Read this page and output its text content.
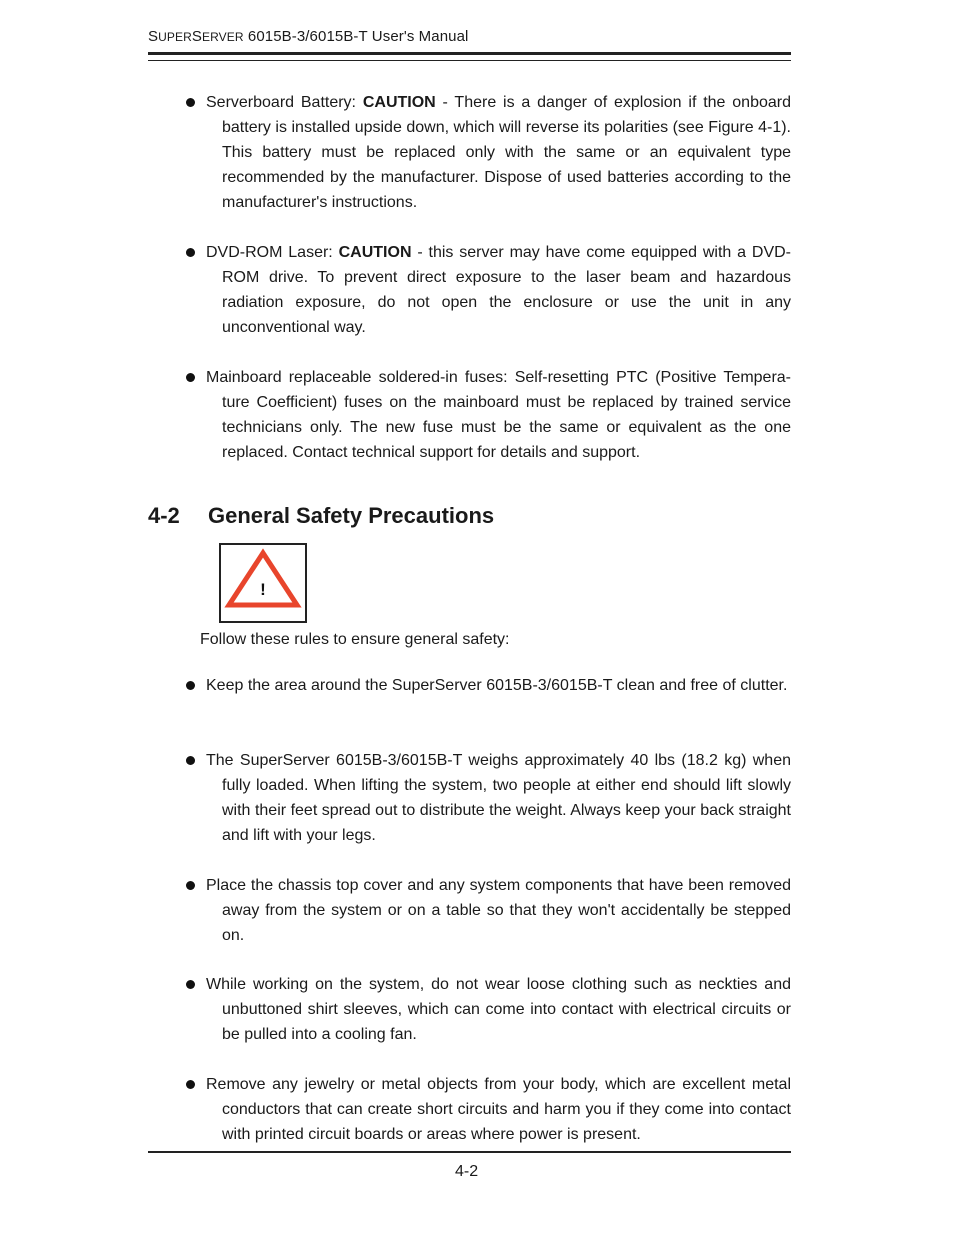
SUPERSERVER 6015B-3/6015B-T User's Manual

Serverboard Battery: CAUTION - There is a danger of explosion if the onboard battery is installed upside down, which will reverse its polarities (see Figure 4-1). This battery must be replaced only with the same or an equivalent type recommended by the manufacturer. Dispose of used batteries according to the manufacturer's instructions.

DVD-ROM Laser: CAUTION - this server may have come equipped with a DVD-ROM drive. To prevent direct exposure to the laser beam and hazardous radiation exposure, do not open the enclosure or use the unit in any unconventional way.

Mainboard replaceable soldered-in fuses: Self-resetting PTC (Positive Tempera-ture Coefficient) fuses on the mainboard must be replaced by trained service technicians only. The new fuse must be the same or equivalent as the one replaced. Contact technical support for details and support.

4-2 General Safety Precautions
!
Follow these rules to ensure general safety:

Keep the area around the SuperServer 6015B-3/6015B-T clean and free of clutter.

The SuperServer 6015B-3/6015B-T weighs approximately 40 lbs (18.2 kg) when fully loaded. When lifting the system, two people at either end should lift slowly with their feet spread out to distribute the weight. Always keep your back straight and lift with your legs.

Place the chassis top cover and any system components that have been removed away from the system or on a table so that they won't accidentally be stepped on.

While working on the system, do not wear loose clothing such as neckties and unbuttoned shirt sleeves, which can come into contact with electrical circuits or be pulled into a cooling fan.

Remove any jewelry or metal objects from your body, which are excellent metal conductors that can create short circuits and harm you if they come into contact with printed circuit boards or areas where power is present.

4-2
